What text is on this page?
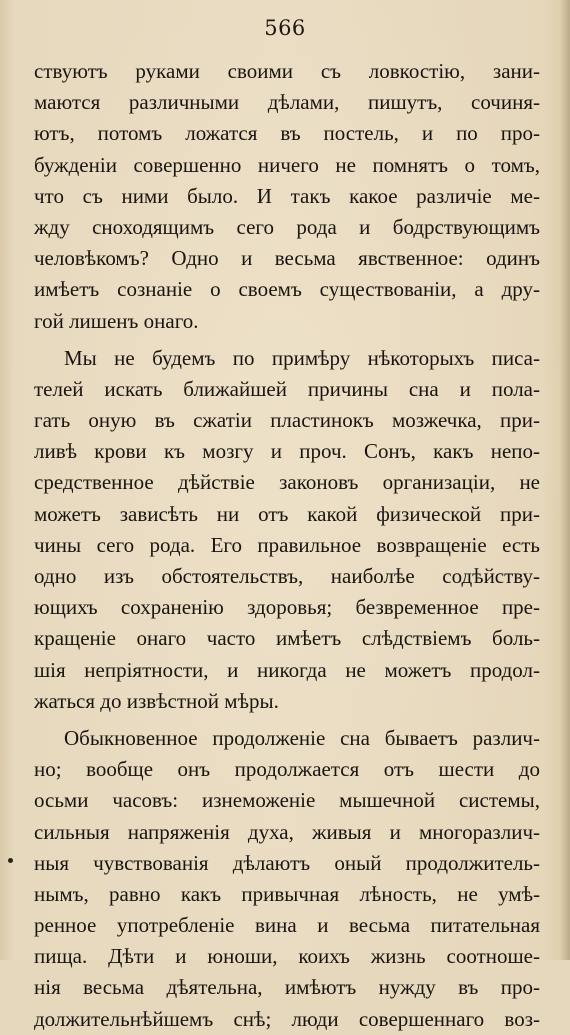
566
ствуютъ руками своими съ ловкостію, зани-
маются различными дѣлами, пишутъ, сочиня-
ютъ, потомъ ложатся въ постель, и по про-
бужденіи совершенно ничего не помнятъ о томъ,
что съ ними было. И такъ какое различіе ме-
жду сноходящимъ сего рода и бодрствующимъ
человѣкомъ? Одно и весьма явственное: одинъ
имѣетъ сознаніе о своемъ существованіи, а дру-
гой лишенъ онаго.
Мы не будемъ по примѣру нѣкоторыхъ писа-
телей искать ближайшей причины сна и пола-
гать оную въ сжатіи пластинокъ мозжечка, при-
ливѣ крови къ мозгу и проч. Сонъ, какъ непо-
средственное дѣйствіе законовъ организаціи, не
можетъ зависѣть ни отъ какой физической при-
чины сего рода. Его правильное возвращеніе есть
одно изъ обстоятельствъ, наиболѣе содѣйству-
ющихъ сохраненію здоровья; безвременное пре-
кращеніе онаго часто имѣетъ слѣдствіемъ боль-
шія непріятности, и никогда не можетъ продол-
жаться до извѣстной мѣры.
Обыкновенное продолженіе сна бываетъ различ-
но; вообще онъ продолжается отъ шести до
осьми часовъ: изнеможеніе мышечной системы,
сильныя напряженія духа, живыя и многоразлич-
ныя чувствованія дѣлаютъ оный продолжитель-
нымъ, равно какъ привычная лѣность, не умѣ-
ренное употребленіе вина и весьма питательная
пища. Дѣти и юноши, коихъ жизнь соотноше-
нія весьма дѣятельна, имѣютъ нужду въ про-
должительнѣйшемъ снѣ; люди совершеннаго воз-
